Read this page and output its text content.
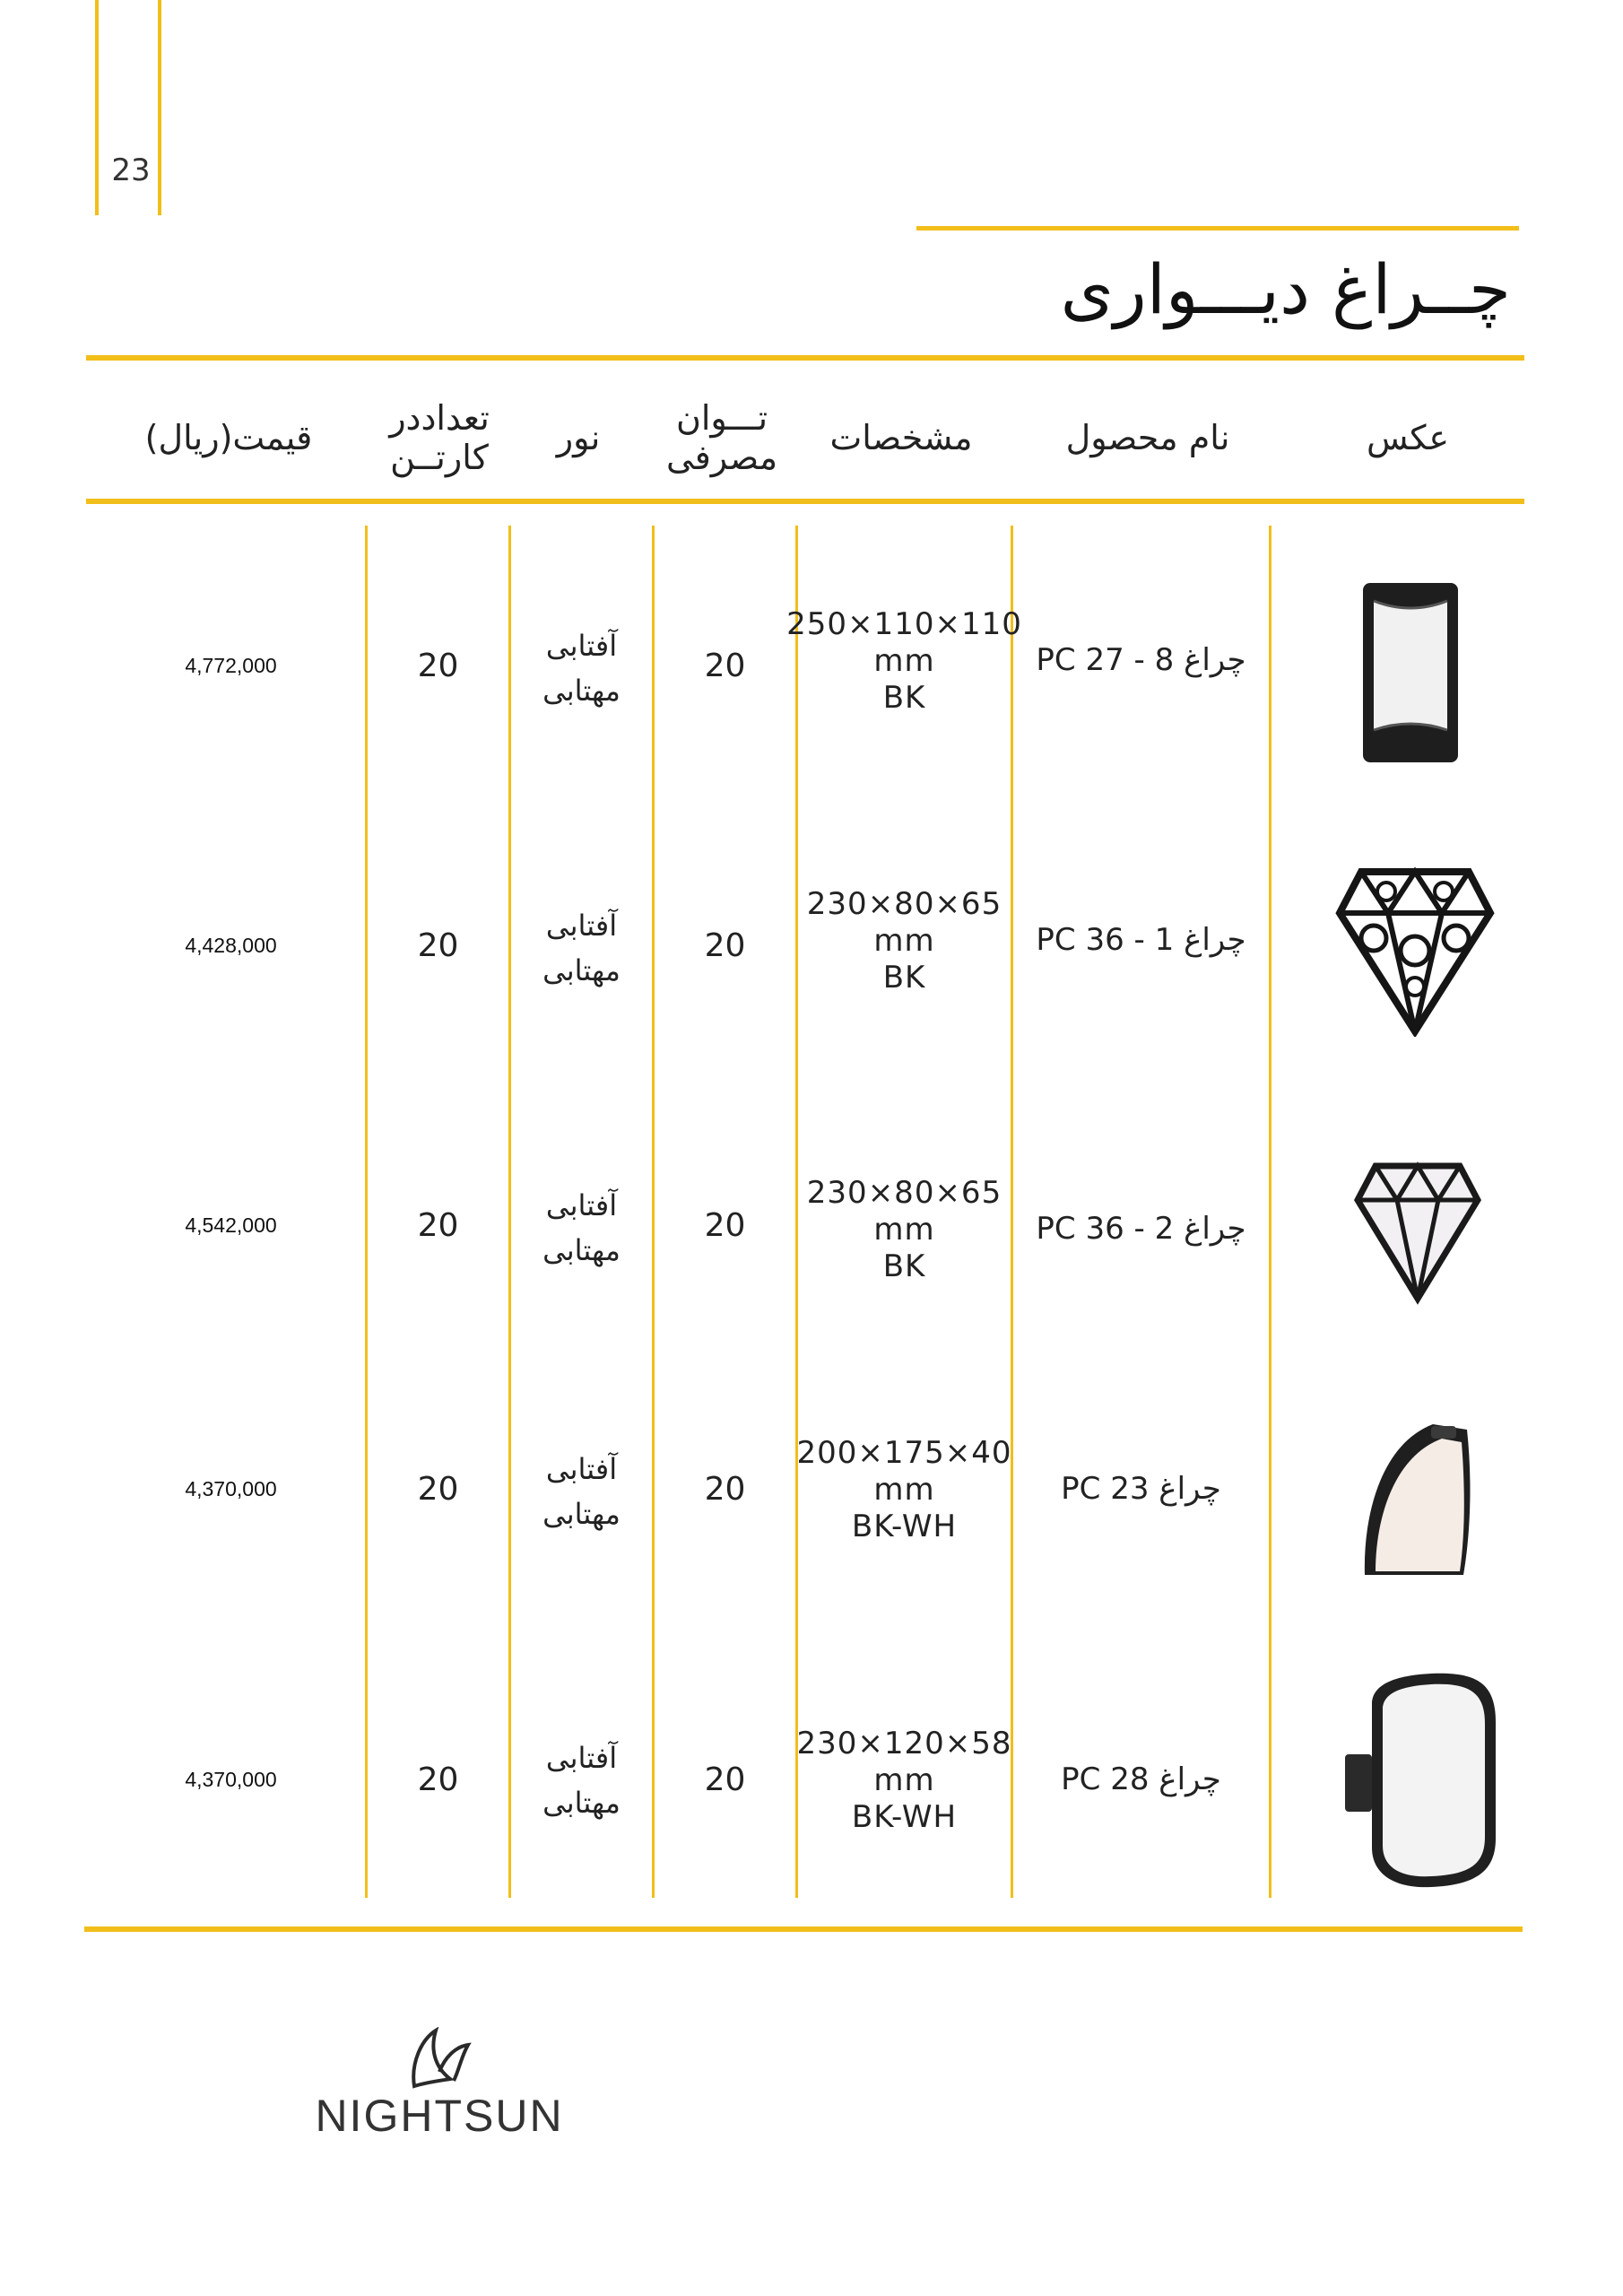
23
چــراغ دیـــواری
عکس
نام محصول
مشخصات
تـــوان
مصرفی
نور
تعداددر
کارتــن
قیمت(ریال)
PC 27 - 8 چراغ
250×110×110
mm
BK
20
آفتابی
مهتابی
20
4,772,000
PC 36 - 1 چراغ
230×80×65
mm
BK
20
آفتابی
مهتابی
20
4,428,000
PC 36 - 2 چراغ
230×80×65
mm
BK
20
آفتابی
مهتابی
20
4,542,000
PC 23 چراغ
200×175×40
mm
BK-WH
20
آفتابی
مهتابی
20
4,370,000
PC 28 چراغ
230×120×58
mm
BK-WH
20
آفتابی
مهتابی
20
4,370,000
NIGHTSUN
